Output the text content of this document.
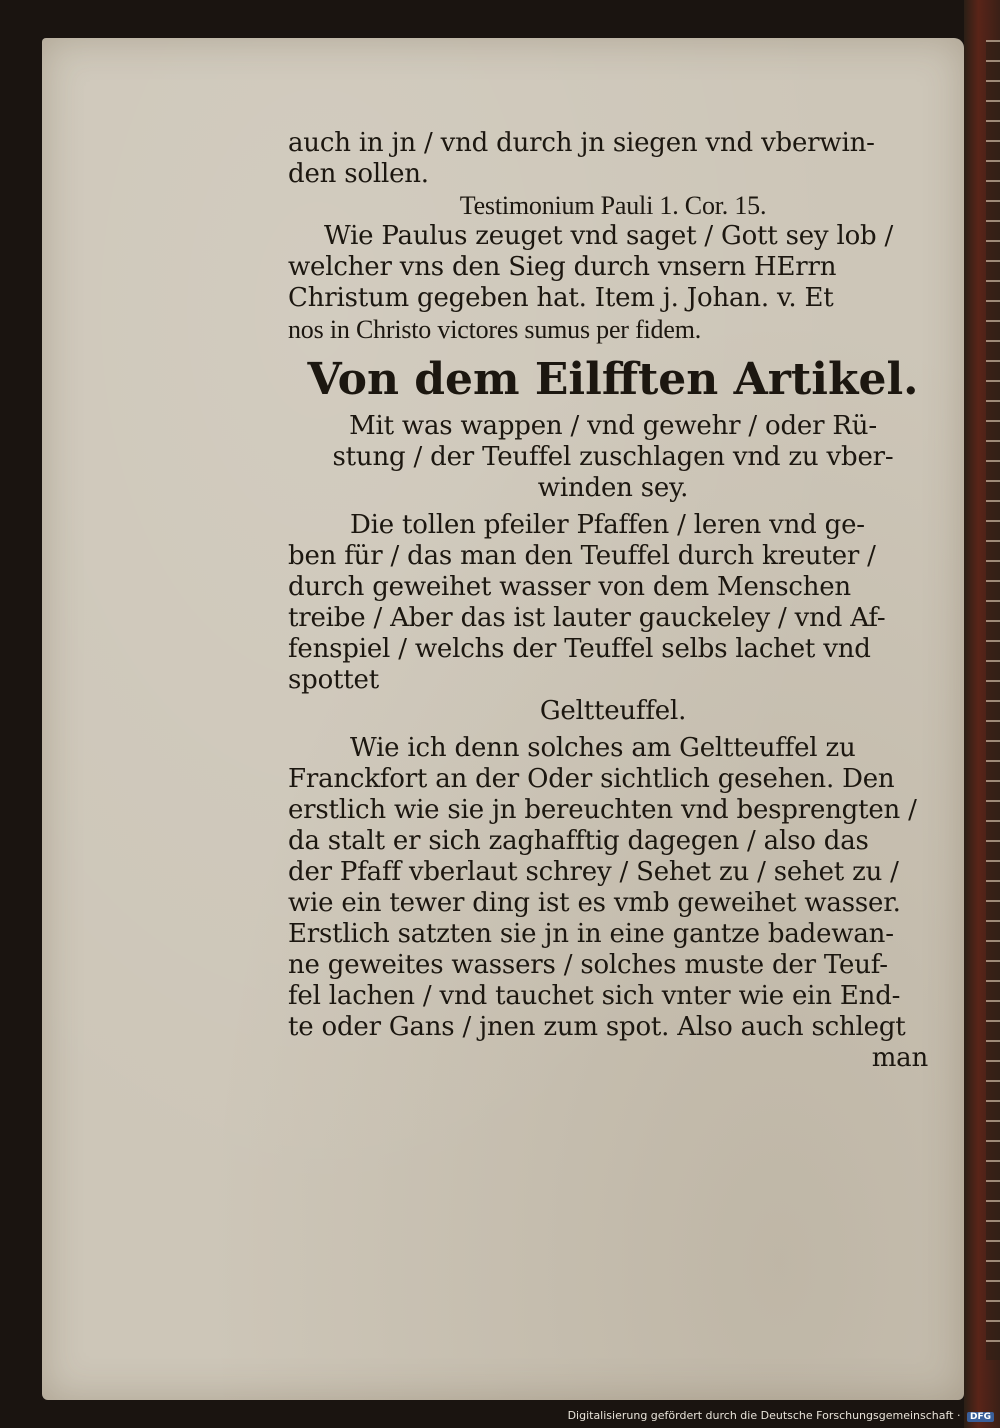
auch in jn / vnd durch jn siegen vnd vberwin-
den sollen.
Testimonium Pauli 1. Cor. 15.
Wie Paulus zeuget vnd saget / Gott sey lob /
welcher vns den Sieg durch vnsern HErrn
Christum gegeben hat. Item j. Johan. v. Et
nos in Christo victores sumus per fidem.
Von dem Eilfften Artikel.
Mit was wappen / vnd gewehr / oder Rü-
stung / der Teuffel zuschlagen vnd zu vber-
winden sey.
Die tollen pfeiler Pfaffen / leren vnd ge-
ben für / das man den Teuffel durch kreuter /
durch geweihet wasser von dem Menschen
treibe / Aber das ist lauter gauckeley / vnd Af-
fenspiel / welchs der Teuffel selbs lachet vnd
spottet
Geltteuffel.
Wie ich denn solches am Geltteuffel zu
Franckfort an der Oder sichtlich gesehen. Den
erstlich wie sie jn bereuchten vnd besprengten /
da stalt er sich zaghafftig dagegen / also das
der Pfaff vberlaut schrey / Sehet zu / sehet zu /
wie ein tewer ding ist es vmb geweihet wasser.
Erstlich satzten sie jn in eine gantze badewan-
ne geweites wassers / solches muste der Teuf-
fel lachen / vnd tauchet sich vnter wie ein End-
te oder Gans / jnen zum spot. Also auch schlegt
man
Digitalisierung gefördert durch die Deutsche Forschungsgemeinschaft · DFG
